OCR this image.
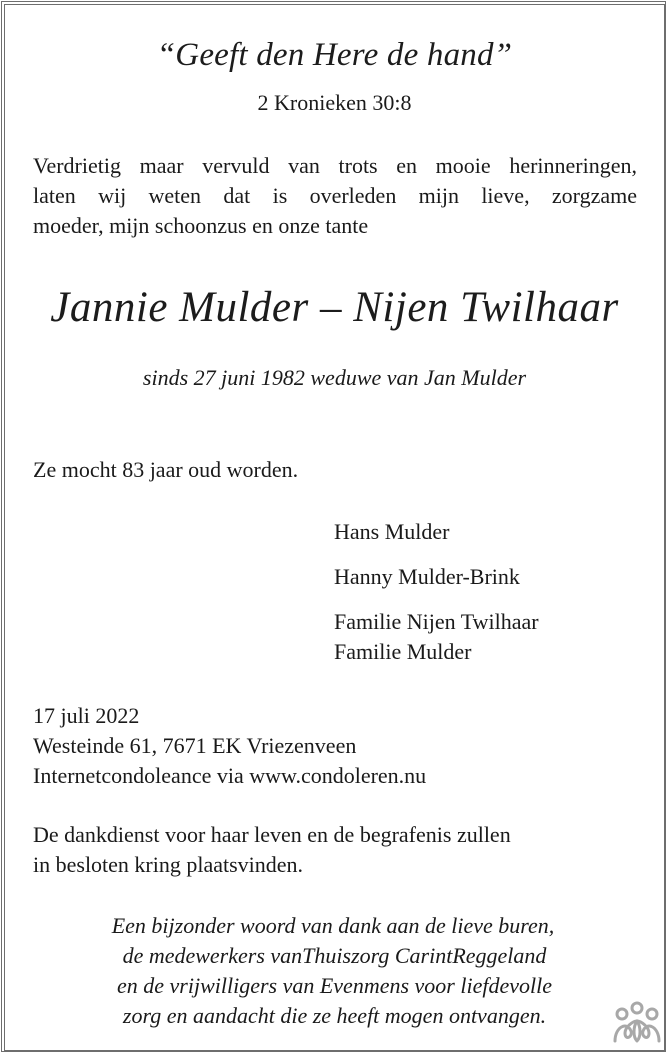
“Geeft den Here de hand”
2 Kronieken 30:8
Verdrietig maar vervuld van trots en mooie herinneringen,
laten wij weten dat is overleden mijn lieve, zorgzame
moeder, mijn schoonzus en onze tante
Jannie Mulder – Nijen Twilhaar
sinds 27 juni 1982 weduwe van Jan Mulder
Ze mocht 83 jaar oud worden.
Hans Mulder
Hanny Mulder-Brink
Familie Nijen Twilhaar
Familie Mulder
17 juli 2022
Westeinde 61, 7671 EK Vriezenveen
Internetcondoleance via www.condoleren.nu
De dankdienst voor haar leven en de begrafenis zullen
in besloten kring plaatsvinden.
Een bijzonder woord van dank aan de lieve buren,
de medewerkers vanThuiszorg CarintReggeland
en de vrijwilligers van Evenmens voor liefdevolle
zorg en aandacht die ze heeft mogen ontvangen.
